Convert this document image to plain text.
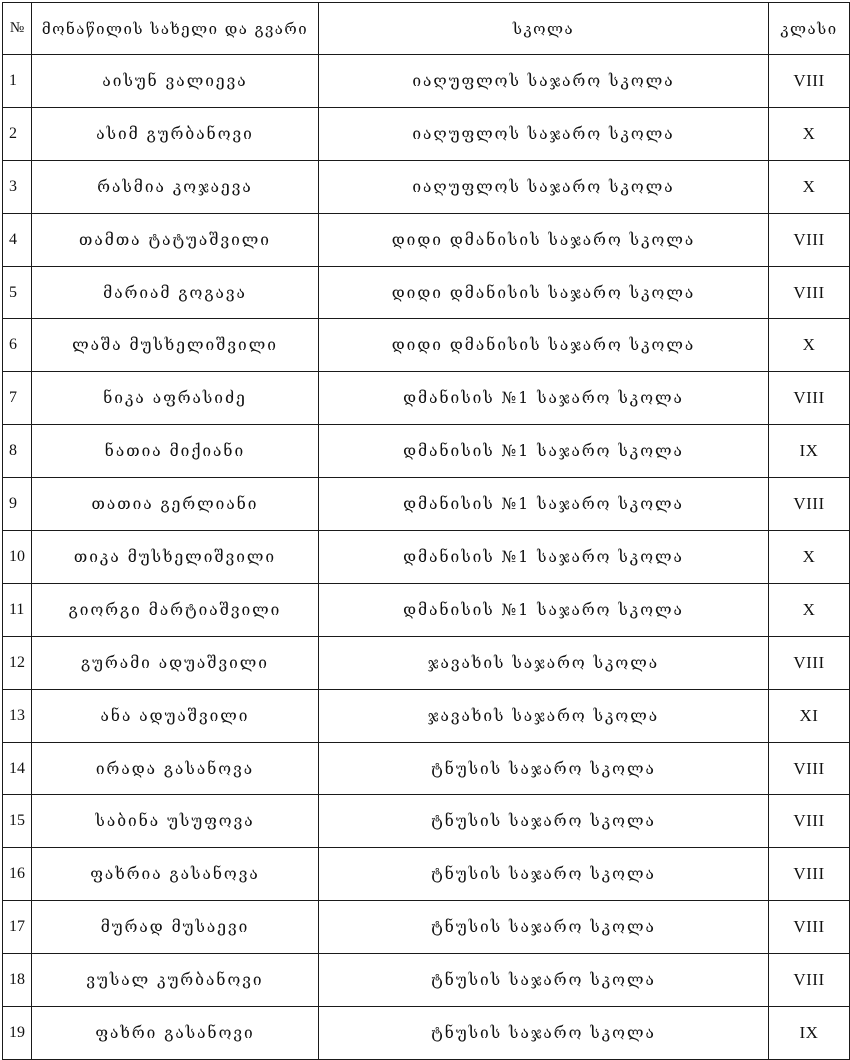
№	მონაწილის სახელი და გვარი	სკოლა	კლასი
1	აისუნ ვალიევა	იაღუფლოს საჯარო სკოლა	VIII
2	ასიმ გურბანოვი	იაღუფლოს საჯარო სკოლა	X
3	რასმია კოჯაევა	იაღუფლოს საჯარო სკოლა	X
4	თამთა ტატუაშვილი	დიდი დმანისის საჯარო სკოლა	VIII
5	მარიამ გოგავა	დიდი დმანისის საჯარო სკოლა	VIII
6	ლაშა მუსხელიშვილი	დიდი დმანისის საჯარო სკოლა	X
7	ნიკა აფრასიძე	დმანისის №1 საჯარო სკოლა	VIII
8	ნათია მიქიანი	დმანისის №1 საჯარო სკოლა	IX
9	თათია გერლიანი	დმანისის №1 საჯარო სკოლა	VIII
10	თიკა მუსხელიშვილი	დმანისის №1 საჯარო სკოლა	X
11	გიორგი მარტიაშვილი	დმანისის №1 საჯარო სკოლა	X
12	გურამი ადუაშვილი	ჯავახის საჯარო სკოლა	VIII
13	ანა ადუაშვილი	ჯავახის საჯარო სკოლა	XI
14	ირადა გასანოვა	ტნუსის საჯარო სკოლა	VIII
15	საბინა უსუფოვა	ტნუსის საჯარო სკოლა	VIII
16	ფახრია გასანოვა	ტნუსის საჯარო სკოლა	VIII
17	მურად მუსაევი	ტნუსის საჯარო სკოლა	VIII
18	ვუსალ კურბანოვი	ტნუსის საჯარო სკოლა	VIII
19	ფახრი გასანოვი	ტნუსის საჯარო სკოლა	IX
